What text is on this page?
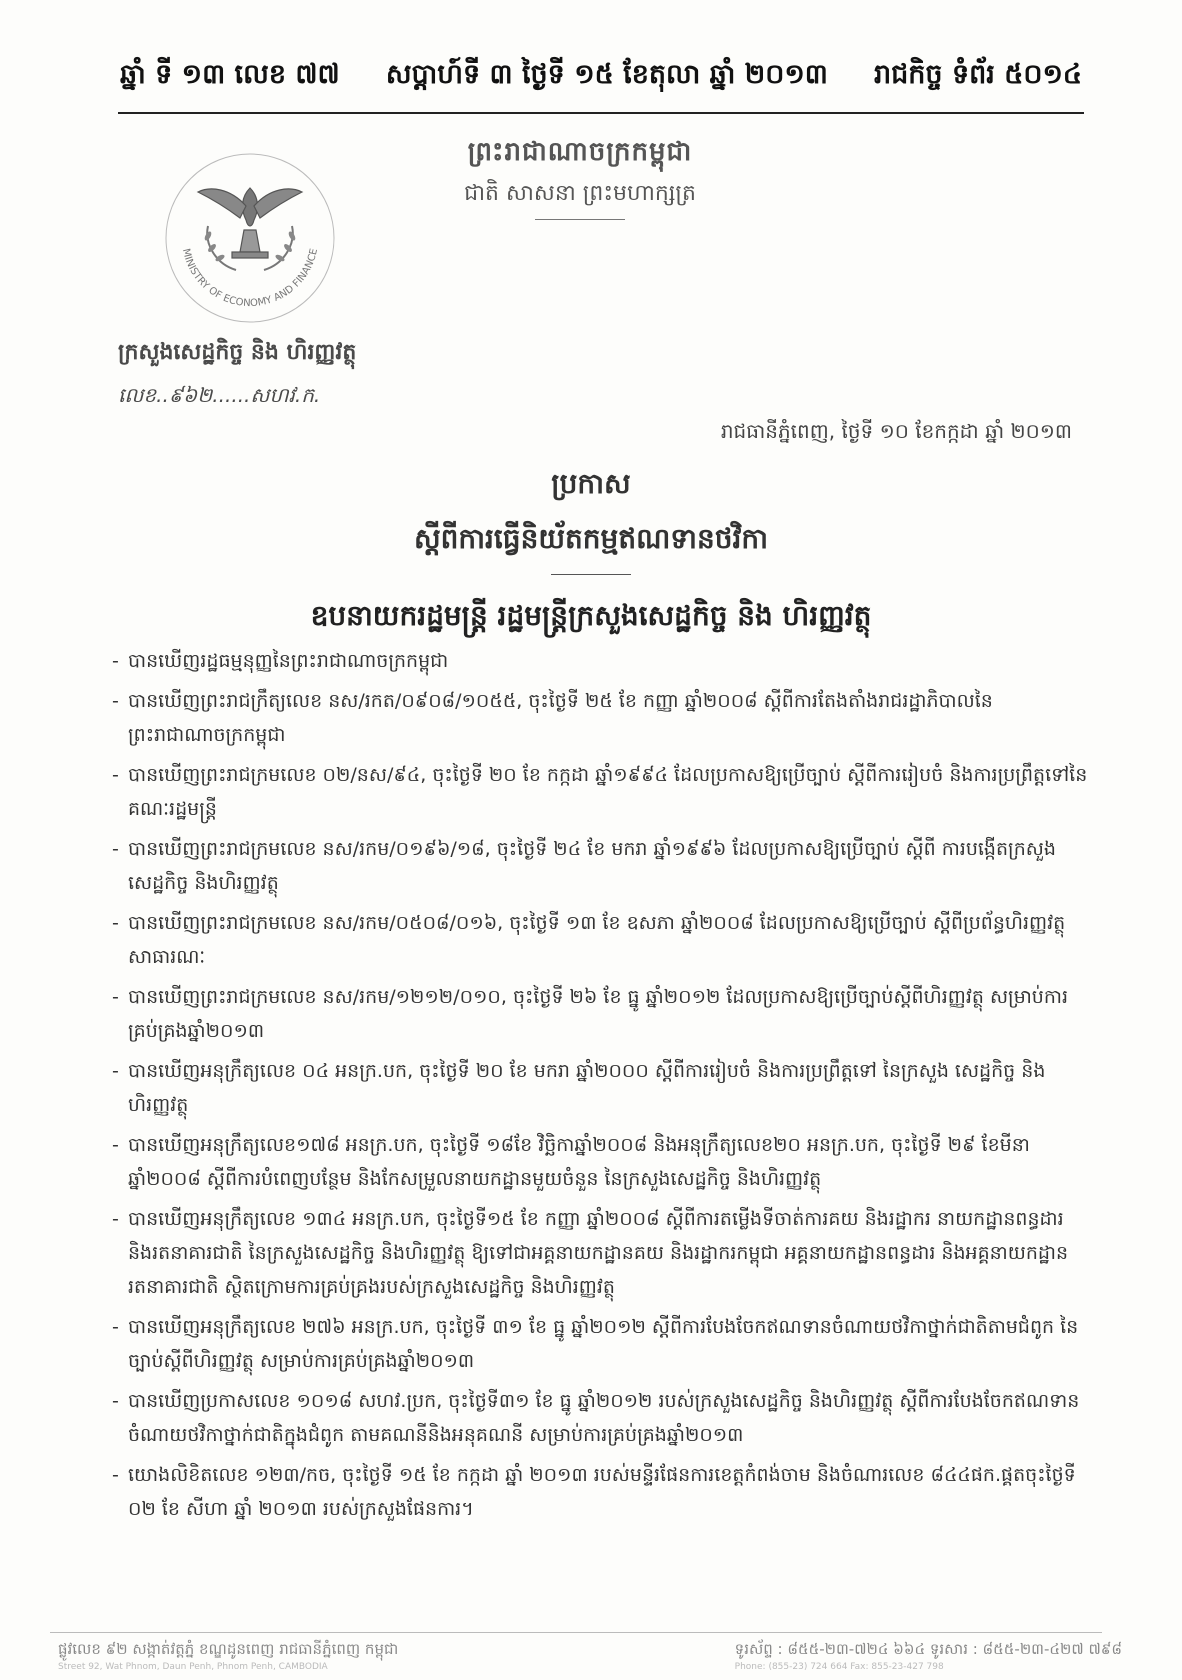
ឆ្នាំ ទី ១៣ លេខ ៧៧ សប្តាហ៍ទី ៣ ថ្ងៃទី ១៥ ខែតុលា ឆ្នាំ ២០១៣ រាជកិច្ច ទំព័រ ៥០១៤
MINISTRY OF ECONOMY AND FINANCE
ព្រះរាជាណាចក្រកម្ពុជា
ជាតិ សាសនា ព្រះមហាក្សត្រ
ក្រសួងសេដ្ឋកិច្ច និង ហិរញ្ញវត្ថុ
លេខ..៩៦២......សហវ.ក.
រាជធានីភ្នំពេញ, ថ្ងៃទី ១០ ខែកក្កដា ឆ្នាំ ២០១៣
ប្រកាស
ស្តីពីការធ្វើនិយ័តកម្មឥណទានថវិកា
ឧបនាយករដ្ឋមន្ត្រី រដ្ឋមន្ត្រីក្រសួងសេដ្ឋកិច្ច និង ហិរញ្ញវត្ថុ

- បានឃើញរដ្ឋធម្មនុញ្ញនៃព្រះរាជាណាចក្រកម្ពុជា

- បានឃើញព្រះរាជក្រឹត្យលេខ នស/រកត/០៩០៨/១០៥៥, ចុះថ្ងៃទី ២៥ ខែ កញ្ញា ឆ្នាំ២០០៨ ស្តីពីការតែងតាំងរាជរដ្ឋាភិបាលនៃព្រះរាជាណាចក្រកម្ពុជា

- បានឃើញព្រះរាជក្រមលេខ ០២/នស/៩៤, ចុះថ្ងៃទី ២០ ខែ កក្កដា ឆ្នាំ១៩៩៤ ដែលប្រកាសឱ្យប្រើច្បាប់ ស្តីពីការរៀបចំ និងការប្រព្រឹត្តទៅនៃគណៈរដ្ឋមន្ត្រី

- បានឃើញព្រះរាជក្រមលេខ នស/រកម/០១៩៦/១៨, ចុះថ្ងៃទី ២៤ ខែ មករា ឆ្នាំ១៩៩៦ ដែលប្រកាសឱ្យប្រើច្បាប់ ស្តីពី ការបង្កើតក្រសួងសេដ្ឋកិច្ច និងហិរញ្ញវត្ថុ

- បានឃើញព្រះរាជក្រមលេខ នស/រកម/០៥០៨/០១៦, ចុះថ្ងៃទី ១៣ ខែ ឧសភា ឆ្នាំ២០០៨ ដែលប្រកាសឱ្យប្រើច្បាប់ ស្តីពីប្រព័ន្ធហិរញ្ញវត្ថុសាធារណៈ

- បានឃើញព្រះរាជក្រមលេខ នស/រកម/១២១២/០១០, ចុះថ្ងៃទី ២៦ ខែ ធ្នូ ឆ្នាំ២០១២ ដែលប្រកាសឱ្យប្រើច្បាប់ស្តីពីហិរញ្ញវត្ថុ សម្រាប់ការគ្រប់គ្រងឆ្នាំ២០១៣

- បានឃើញអនុក្រឹត្យលេខ ០៤ អនក្រ.បក, ចុះថ្ងៃទី ២០ ខែ មករា ឆ្នាំ២០០០ ស្តីពីការរៀបចំ និងការប្រព្រឹត្តទៅ នៃក្រសួង សេដ្ឋកិច្ច និង ហិរញ្ញវត្ថុ

- បានឃើញអនុក្រឹត្យលេខ១៧៨ អនក្រ.បក, ចុះថ្ងៃទី ១៨ខែ វិច្ឆិកាឆ្នាំ២០០៨ និងអនុក្រឹត្យលេខ២០ អនក្រ.បក, ចុះថ្ងៃទី ២៩ ខែមីនាឆ្នាំ២០០៨ ស្តីពីការបំពេញបន្ថែម និងកែសម្រួលនាយកដ្ឋានមួយចំនួន នៃក្រសួងសេដ្ឋកិច្ច និងហិរញ្ញវត្ថុ

- បានឃើញអនុក្រឹត្យលេខ ១៣៤ អនក្រ.បក, ចុះថ្ងៃទី១៥ ខែ កញ្ញា ឆ្នាំ២០០៨ ស្តីពីការតម្លើងទីចាត់ការគយ និងរដ្ឋាករ នាយកដ្ឋានពន្ធដារ និងរតនាគារជាតិ នៃក្រសួងសេដ្ឋកិច្ច និងហិរញ្ញវត្ថុ ឱ្យទៅជាអគ្គនាយកដ្ឋានគយ និងរដ្ឋាករកម្ពុជា អគ្គនាយកដ្ឋានពន្ធដារ និងអគ្គនាយកដ្ឋានរតនាគារជាតិ ស្ថិតក្រោមការគ្រប់គ្រងរបស់ក្រសួងសេដ្ឋកិច្ច និងហិរញ្ញវត្ថុ

- បានឃើញអនុក្រឹត្យលេខ ២៧៦ អនក្រ.បក, ចុះថ្ងៃទី ៣១ ខែ ធ្នូ ឆ្នាំ២០១២ ស្តីពីការបែងចែកឥណទានចំណាយថវិកាថ្នាក់ជាតិតាមជំពូក នៃច្បាប់ស្តីពីហិរញ្ញវត្ថុ សម្រាប់ការគ្រប់គ្រងឆ្នាំ២០១៣

- បានឃើញប្រកាសលេខ ១០១៨ សហវ.ប្រក, ចុះថ្ងៃទី៣១ ខែ ធ្នូ ឆ្នាំ២០១២ របស់ក្រសួងសេដ្ឋកិច្ច និងហិរញ្ញវត្ថុ ស្តីពីការបែងចែកឥណទានចំណាយថវិកាថ្នាក់ជាតិក្នុងជំពូក តាមគណនីនិងអនុគណនី សម្រាប់ការគ្រប់គ្រងឆ្នាំ២០១៣

- យោងលិខិតលេខ ១២៣/កច, ចុះថ្ងៃទី ១៥ ខែ កក្កដា ឆ្នាំ ២០១៣ របស់មន្ទីរផែនការខេត្តកំពង់ចាម និងចំណារលេខ ៨៤៤ផក.ផ្គតចុះថ្ងៃទី ០២ ខែ សីហា ឆ្នាំ ២០១៣ របស់ក្រសួងផែនការ។

ផ្លូវលេខ ៩២ សង្កាត់វត្តភ្នំ ខណ្ឌដូនពេញ រាជធានីភ្នំពេញ កម្ពុជា
Street 92, Wat Phnom, Daun Penh, Phnom Penh, CAMBODIA
ទូរស័ព្ទ : ៨៥៥-២៣-៧២៤ ៦៦៤ ទូរសារ : ៨៥៥-២៣-៤២៧ ៧៩៨
Phone: (855-23) 724 664 Fax: 855-23-427 798
